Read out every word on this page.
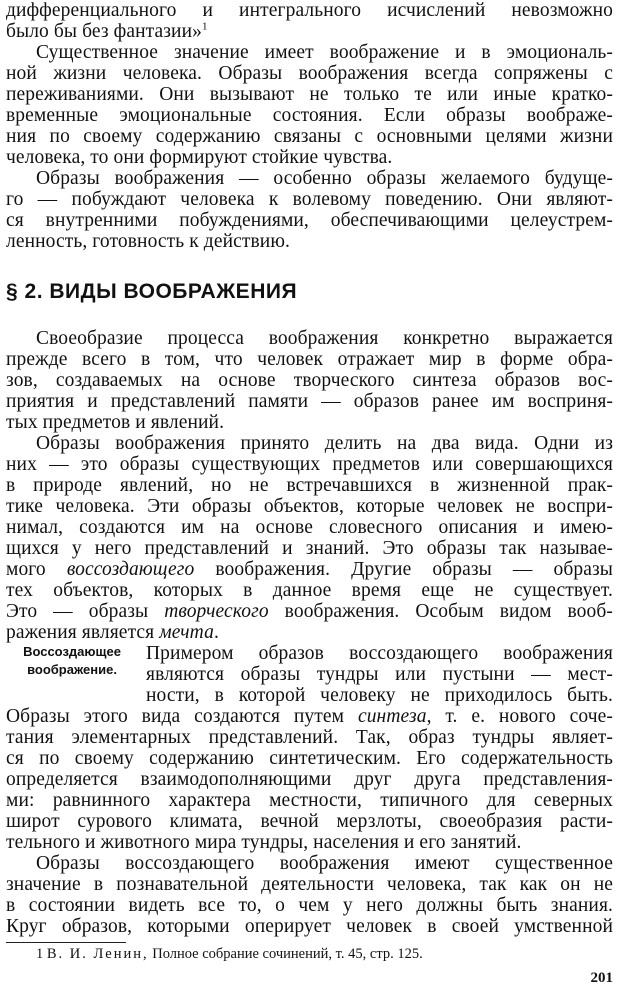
дифференциального и интегрального исчислений невозможно
было бы без фантазии»$^1$
Существенное значение имеет воображение и в эмоциональ-
ной жизни человека. Образы воображения всегда сопряжены с
переживаниями. Они вызывают не только те или иные кратко-
временные эмоциональные состояния. Если образы воображе-
ния по своему содержанию связаны с основными целями жизни
человека, то они формируют стойкие чувства.
Образы воображения — особенно образы желаемого будуще-
го — побуждают человека к волевому поведению. Они являют-
ся внутренними побуждениями, обеспечивающими целеустрем-
ленность, готовность к действию.
§ 2. ВИДЫ ВООБРАЖЕНИЯ
Своеобразие процесса воображения конкретно выражается
прежде всего в том, что человек отражает мир в форме обра-
зов, создаваемых на основе творческого синтеза образов вос-
приятия и представлений памяти — образов ранее им восприня-
тых предметов и явлений.
Образы воображения принято делить на два вида. Одни из
них — это образы существующих предметов или совершающихся
в природе явлений, но не встречавшихся в жизненной прак-
тике человека. Эти образы объектов, которые человек не воспри-
нимал, создаются им на основе словесного описания и имею-
щихся у него представлений и знаний. Это образы так называе-
мого воссоздающего воображения. Другие образы — образы
тех объектов, которых в данное время еще не существует.
Это — образы творческого воображения. Особым видом вооб-
ражения является мечта.
Воссоздающее
воображение.
Примером образов воссоздающего воображения
являются образы тундры или пустыни — мест-
ности, в которой человеку не приходилось быть.
Образы этого вида создаются путем синтеза, т. е. нового соче-
тания элементарных представлений. Так, образ тундры являет-
ся по своему содержанию синтетическим. Его содержательность
определяется взаимодополняющими друг друга представления-
ми: равнинного характера местности, типичного для северных
широт сурового климата, вечной мерзлоты, своеобразия расти-
тельного и животного мира тундры, населения и его занятий.
Образы воссоздающего воображения имеют существенное
значение в познавательной деятельности человека, так как он не
в состоянии видеть все то, о чем у него должны быть знания.
Круг образов, которыми оперирует человек в своей умственной
1 В. И. Ленин, Полное собрание сочинений, т. 45, стр. 125.
201
